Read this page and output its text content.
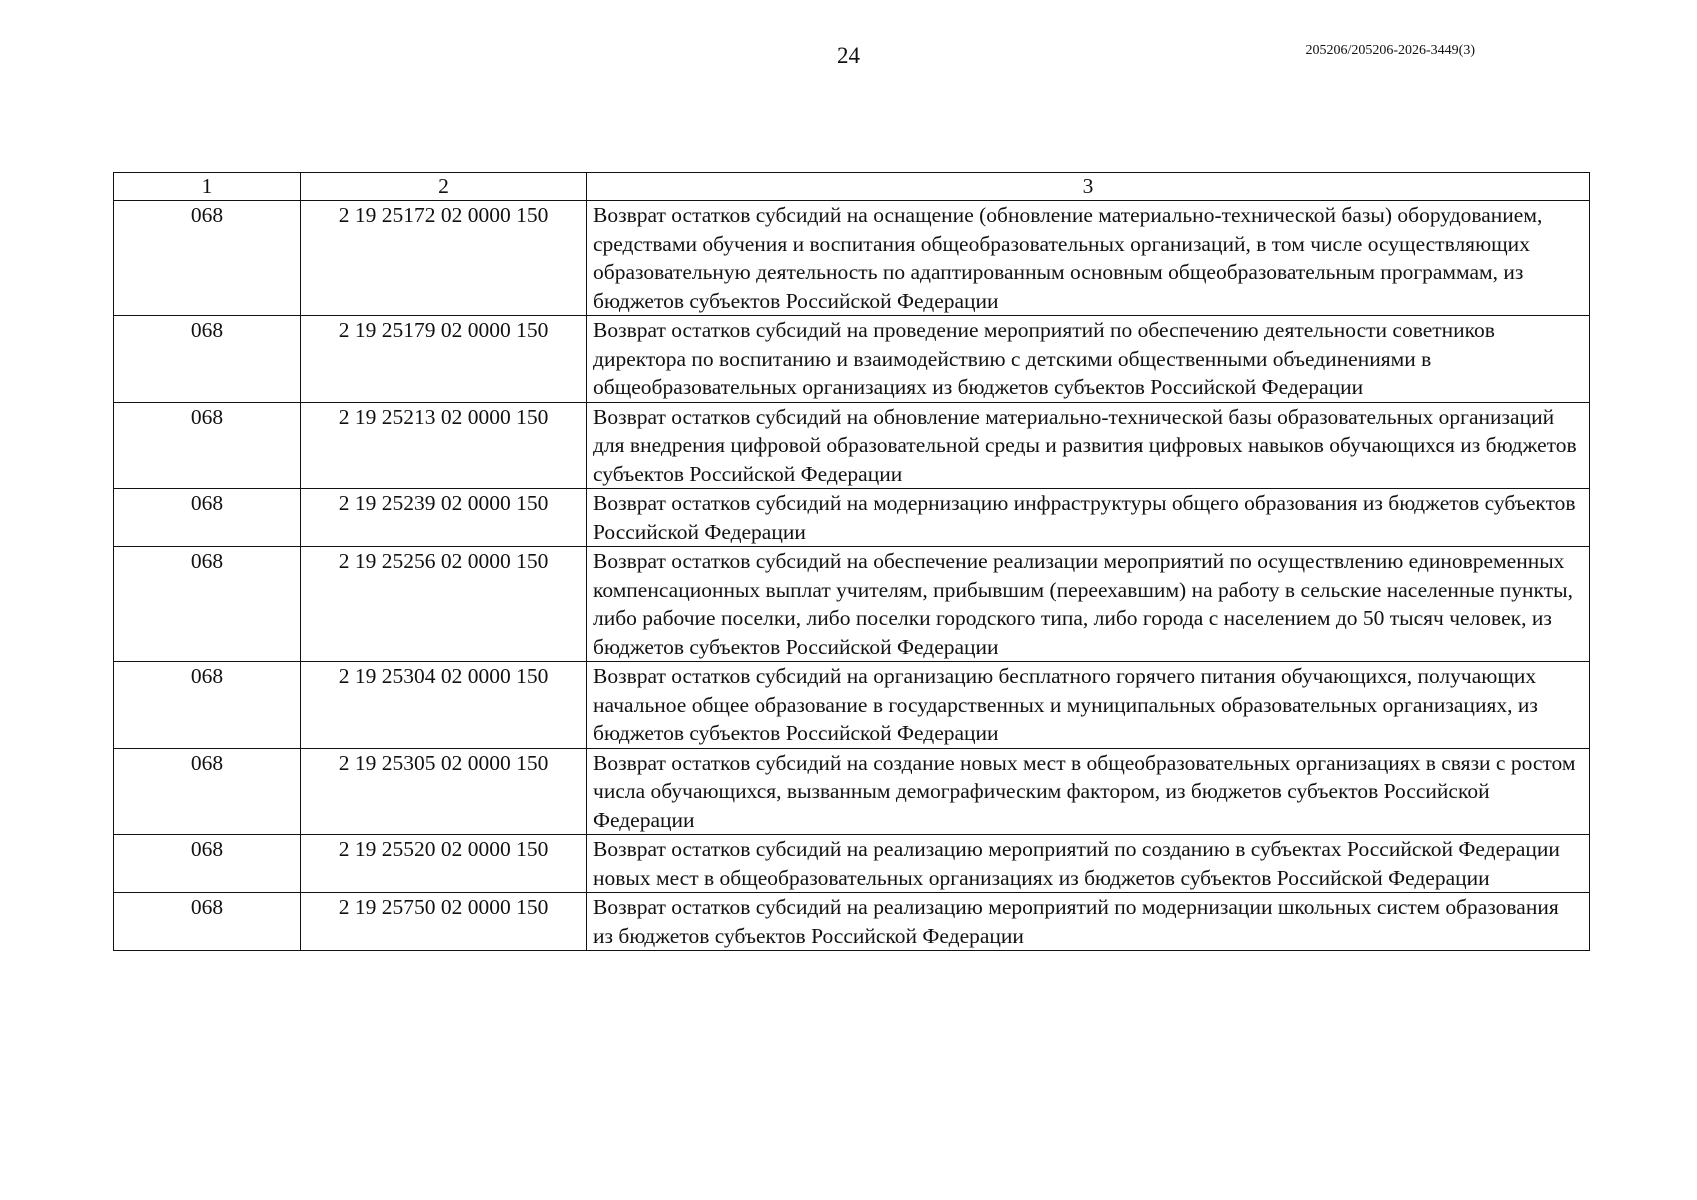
24	205206/205206-2026-3449(3)
1	2	3
068	2 19 25172 02 0000 150	Возврат остатков субсидий на оснащение (обновление материально-технической базы) оборудованием, средствами обучения и воспитания общеобразовательных организаций, в том числе осуществляющих образовательную деятельность по адаптированным основным общеобразовательным программам, из бюджетов субъектов Российской Федерации
068	2 19 25179 02 0000 150	Возврат остатков субсидий на проведение мероприятий по обеспечению деятельности советников директора по воспитанию и взаимодействию с детскими общественными объединениями в общеобразовательных организациях из бюджетов субъектов Российской Федерации
068	2 19 25213 02 0000 150	Возврат остатков субсидий на обновление материально-технической базы образовательных организаций для внедрения цифровой образовательной среды и развития цифровых навыков обучающихся из бюджетов субъектов Российской Федерации
068	2 19 25239 02 0000 150	Возврат остатков субсидий на модернизацию инфраструктуры общего образования из бюджетов субъектов Российской Федерации
068	2 19 25256 02 0000 150	Возврат остатков субсидий на обеспечение реализации мероприятий по осуществлению единовременных компенсационных выплат учителям, прибывшим (переехавшим) на работу в сельские населенные пункты, либо рабочие поселки, либо поселки городского типа, либо города с населением до 50 тысяч человек, из бюджетов субъектов Российской Федерации
068	2 19 25304 02 0000 150	Возврат остатков субсидий на организацию бесплатного горячего питания обучающихся, получающих начальное общее образование в государственных и муниципальных образовательных организациях, из бюджетов субъектов Российской Федерации
068	2 19 25305 02 0000 150	Возврат остатков субсидий на создание новых мест в общеобразовательных организациях в связи с ростом числа обучающихся, вызванным демографическим фактором, из бюджетов субъектов Российской Федерации
068	2 19 25520 02 0000 150	Возврат остатков субсидий на реализацию мероприятий по созданию в субъектах Российской Федерации новых мест в общеобразовательных организациях из бюджетов субъектов Российской Федерации
068	2 19 25750 02 0000 150	Возврат остатков субсидий на реализацию мероприятий по модернизации школьных систем образования из бюджетов субъектов Российской Федерации
